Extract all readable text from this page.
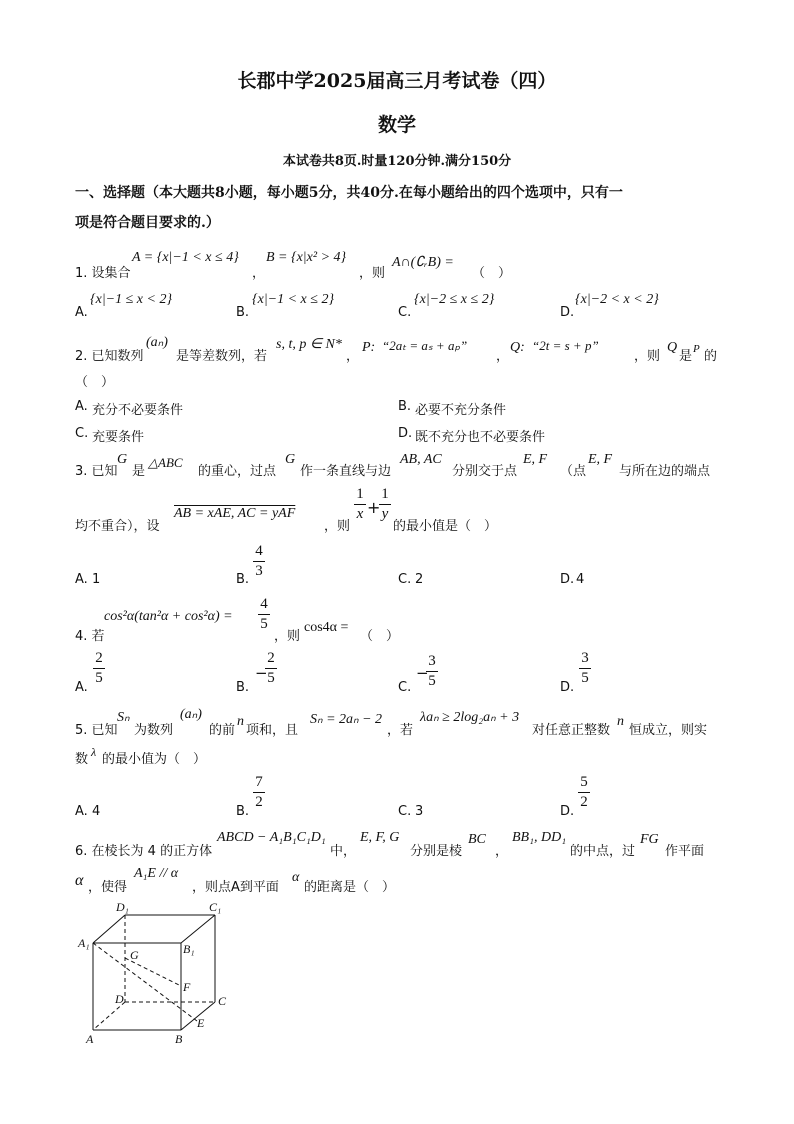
长郡中学2025届高三月考试卷（四）
数学
本试卷共8页.时量120分钟.满分150分
一、选择题（本大题共8小题，每小题5分，共40分.在每小题给出的四个选项中，只有一
项是符合题目要求的.）
1. 设集合
A = {x|−1 < x ≤ 4}
，
B = {x|x² > 4}
，则
A∩(∁ᵣB) =
（　）
A.
{x|−1 ≤ x < 2}
B.
{x|−1 < x ≤ 2}
C.
{x|−2 ≤ x ≤ 2}
D.
{x|−2 < x < 2}
2. 已知数列
(aₙ)
是等差数列，若
s, t, p ∈ N*
，
P: “2aₜ = aₛ + aₚ”
，
Q: “2t = s + p”
，则
Q
是 P 的
（　）
A. 充分不必要条件	B. 必要不充分条件
C. 充要条件	D. 既不充分也不必要条件
3. 已知
G
是
△ABC
的重心，过点
G
作一条直线与边
AB, AC
分别交于点
E, F
（点
E, F
与所在边的端点
均不重合），设
AB = xAE, AC = yAF
，则
1
x +
1
y
的最小值是（　）
A. 1	B.
4
3
C. 2	D. 4
4. 若
cos²α(tan²α + cos²α) =
4
5
，则
cos4α =
（　）
A.
2
5
B.
−
2
5
C.
−
3
5	D.
3
5
5. 已知
Sₙ
为数列
(aₙ)
的前
n
项和，且
Sₙ = 2aₙ − 2
，若
λaₙ ≥ 2log₂aₙ + 3
对任意正整数
n
恒成立，则实
数 λ 的最小值为（　）
A. 4	B.
7
2
C. 3	D.
5
2
6. 在棱长为 4 的正方体
ABCD − A₁B₁C₁D₁
中，
E, F, G
分别是棱
BC
，
BB₁, DD₁
的中点，过
FG
作平面
α ，使得
A₁E // α
，则点A到平面
α
的距离是（　）
D₁	C₁
A₁	B₁
G
F
D	C
E
A	B
